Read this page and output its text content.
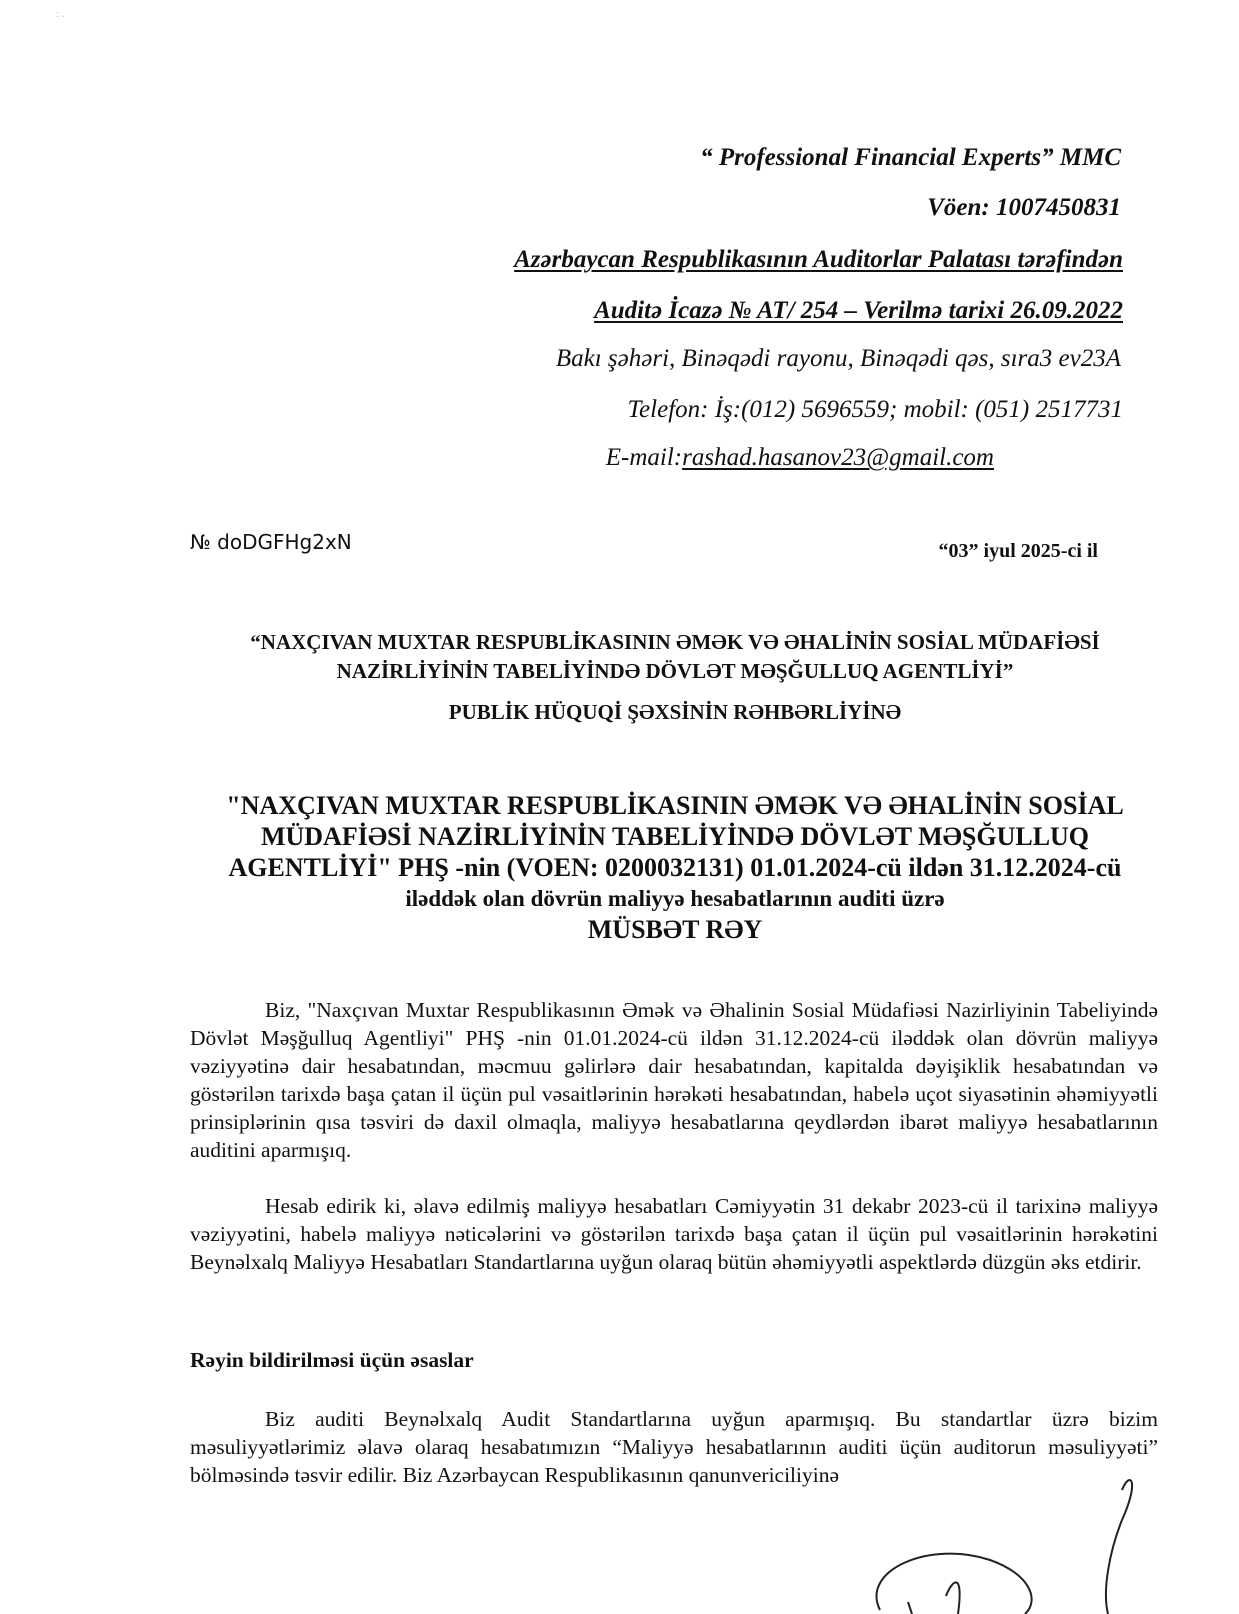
: .
“ Professional Financial Experts” MMC
Vöen: 1007450831
Azərbaycan Respublikasının Auditorlar Palatası tərəfindən
Auditə İcazə № AT/ 254 – Verilmə tarixi 26.09.2022
Bakı şəhəri, Binəqədi rayonu, Binəqədi qəs, sıra3 ev23A
Telefon: İş:(012) 5696559; mobil: (051) 2517731
E-mail:rashad.hasanov23@gmail.com
№ doDGFHg2xN	“03” iyul 2025-ci il
“NAXÇIVAN MUXTAR RESPUBLİKASININ ƏMƏK VƏ ƏHALİNİN SOSİAL MÜDAFİƏSİ
NAZİRLİYİNİN TABELİYİNDƏ DÖVLƏT MƏŞĞULLUQ AGENTLİYİ”
PUBLİK HÜQUQİ ŞƏXSİNİN RƏHBƏRLİYİNƏ
"NAXÇIVAN MUXTAR RESPUBLİKASININ ƏMƏK VƏ ƏHALİNİN SOSİAL
MÜDAFİƏSİ NAZİRLİYİNİN TABELİYİNDƏ DÖVLƏT MƏŞĞULLUQ
AGENTLİYİ" PHŞ -nin (VOEN: 0200032131) 01.01.2024-cü ildən 31.12.2024-cü
iləddək olan dövrün maliyyə hesabatlarının auditi üzrə
MÜSBƏT RƏY
Biz, "Naxçıvan Muxtar Respublikasının Əmək və Əhalinin Sosial Müdafiəsi Nazirliyinin Tabeliyində Dövlət Məşğulluq Agentliyi" PHŞ -nin 01.01.2024-cü ildən 31.12.2024-cü iləddək olan dövrün maliyyə vəziyyətinə dair hesabatından, məcmuu gəlirlərə dair hesabatından, kapitalda dəyişiklik hesabatından və göstərilən tarixdə başa çatan il üçün pul vəsaitlərinin hərəkəti hesabatından, habelə uçot siyasətinin əhəmiyyətli prinsiplərinin qısa təsviri də daxil olmaqla, maliyyə hesabatlarına qeydlərdən ibarət maliyyə hesabatlarının auditini aparmışıq.
Hesab edirik ki, əlavə edilmiş maliyyə hesabatları Cəmiyyətin 31 dekabr 2023-cü il tarixinə maliyyə vəziyyətini, habelə maliyyə nəticələrini və göstərilən tarixdə başa çatan il üçün pul vəsaitlərinin hərəkətini Beynəlxalq Maliyyə Hesabatları Standartlarına uyğun olaraq bütün əhəmiyyətli aspektlərdə düzgün əks etdirir.
Rəyin bildirilməsi üçün əsaslar
Biz auditi Beynəlxalq Audit Standartlarına uyğun aparmışıq. Bu standartlar üzrə bizim məsuliyyətlərimiz əlavə olaraq hesabatımızın “Maliyyə hesabatlarının auditi üçün auditorun məsuliyyəti” bölməsində təsvir edilir. Biz Azərbaycan Respublikasının qanunvericiliyinə
